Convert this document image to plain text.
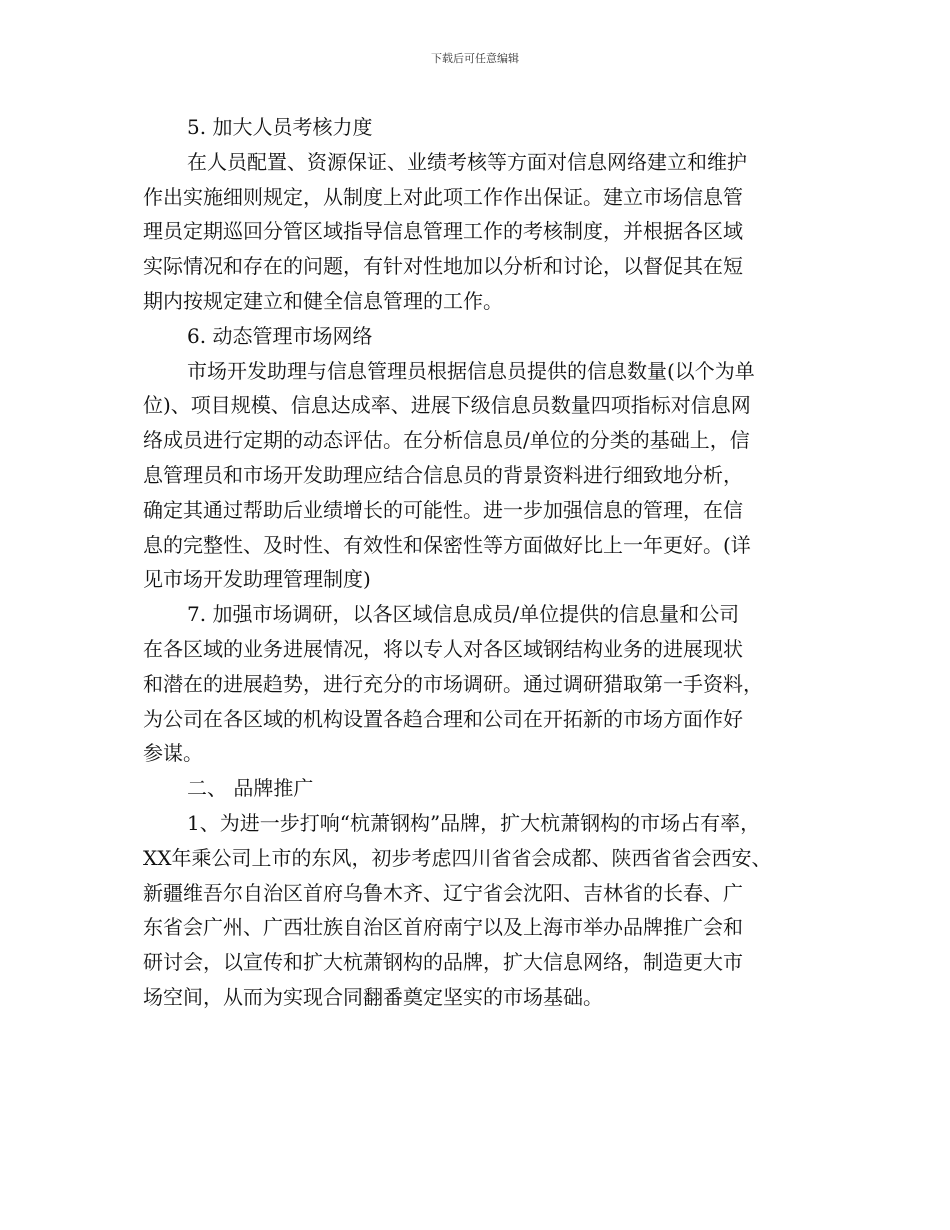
下载后可任意编辑
5. 加大人员考核力度
在人员配置、资源保证、业绩考核等方面对信息网络建立和维护
作出实施细则规定，从制度上对此项工作作出保证。建立市场信息管
理员定期巡回分管区域指导信息管理工作的考核制度，并根据各区域
实际情况和存在的问题，有针对性地加以分析和讨论，以督促其在短
期内按规定建立和健全信息管理的工作。
6. 动态管理市场网络
市场开发助理与信息管理员根据信息员提供的信息数量(以个为单
位)、项目规模、信息达成率、进展下级信息员数量四项指标对信息网
络成员进行定期的动态评估。在分析信息员/单位的分类的基础上，信
息管理员和市场开发助理应结合信息员的背景资料进行细致地分析，
确定其通过帮助后业绩增长的可能性。进一步加强信息的管理，在信
息的完整性、及时性、有效性和保密性等方面做好比上一年更好。(详
见市场开发助理管理制度)
7. 加强市场调研，以各区域信息成员/单位提供的信息量和公司
在各区域的业务进展情况，将以专人对各区域钢结构业务的进展现状
和潜在的进展趋势，进行充分的市场调研。通过调研猎取第一手资料，
为公司在各区域的机构设置各趋合理和公司在开拓新的市场方面作好
参谋。
二、 品牌推广
1、为进一步打响“杭萧钢构”品牌，扩大杭萧钢构的市场占有率，
XX年乘公司上市的东风，初步考虑四川省省会成都、陕西省省会西安、
新疆维吾尔自治区首府乌鲁木齐、辽宁省会沈阳、吉林省的长春、广
东省会广州、广西壮族自治区首府南宁以及上海市举办品牌推广会和
研讨会，以宣传和扩大杭萧钢构的品牌，扩大信息网络，制造更大市
场空间，从而为实现合同翻番奠定坚实的市场基础。
